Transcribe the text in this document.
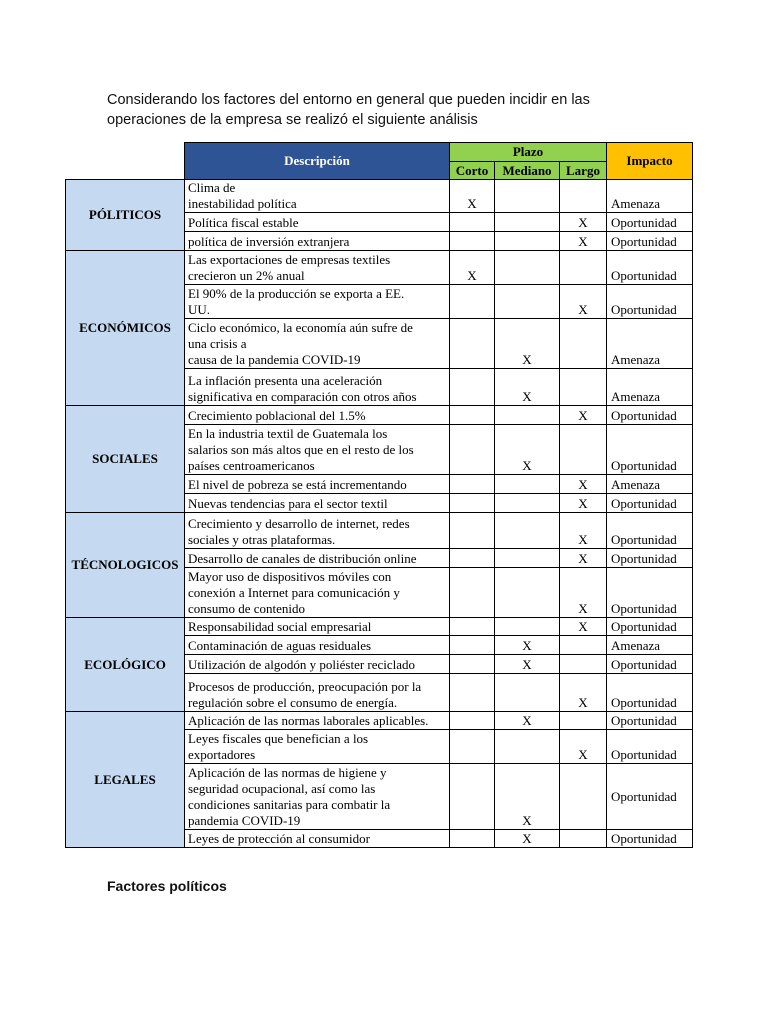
Considerando los factores del entorno en general que pueden incidir en las
operaciones de la empresa se realizó el siguiente análisis

	Descripción	Plazo			Impacto
		Corto	Mediano	Largo	
PÓLITICOS	Clima de
inestabilidad política	X			Amenaza
	Política fiscal estable			X	Oportunidad
	política de inversión extranjera			X	Oportunidad
ECONÓMICOS	Las exportaciones de empresas textiles
crecieron un 2% anual	X			Oportunidad
	El 90% de la producción se exporta a EE.
UU.			X	Oportunidad
	Ciclo económico, la economía aún sufre de
una crisis a
causa de la pandemia COVID-19		X		Amenaza
	La inflación presenta una aceleración
significativa en comparación con otros años		X		Amenaza
SOCIALES	Crecimiento poblacional del 1.5%			X	Oportunidad
	En la industria textil de Guatemala los
salarios son más altos que en el resto de los
países centroamericanos		X		Oportunidad
	El nivel de pobreza se está incrementando			X	Amenaza
	Nuevas tendencias para el sector textil			X	Oportunidad
TÉCNOLOGICOS	Crecimiento y desarrollo de internet, redes
sociales y otras plataformas.			X	Oportunidad
	Desarrollo de canales de distribución online			X	Oportunidad
	Mayor uso de dispositivos móviles con
conexión a Internet para comunicación y
consumo de contenido			X	Oportunidad
ECOLÓGICO	Responsabilidad social empresarial			X	Oportunidad
	Contaminación de aguas residuales		X		Amenaza
	Utilización de algodón y poliéster reciclado		X		Oportunidad
	Procesos de producción, preocupación por la
regulación sobre el consumo de energía.			X	Oportunidad
LEGALES	Aplicación de las normas laborales aplicables.		X		Oportunidad
	Leyes fiscales que benefician a los
exportadores			X	Oportunidad
	Aplicación de las normas de higiene y
seguridad ocupacional, así como las
condiciones sanitarias para combatir la
pandemia COVID-19		X		Oportunidad
	Leyes de protección al consumidor		X		Oportunidad
Factores políticos
